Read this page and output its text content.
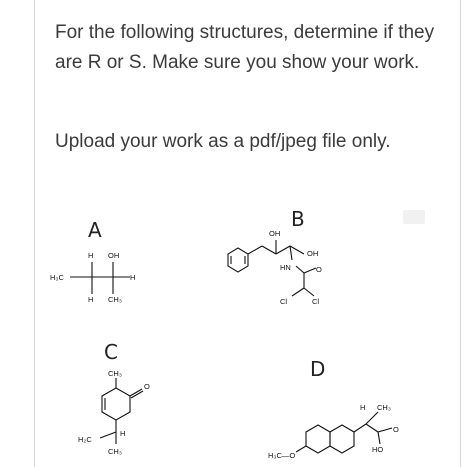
For the following structures, determine if they are R or S. Make sure you show your work.

Upload your work as a pdf/jpeg file only.

A	B
C
D
H OH
H₃C	H
H CH₃
OH
OH
HN	O
Cl	Cl
CH₃
O
H₂C
H
CH₃
H CH₃
HO
O
H₃C—O
